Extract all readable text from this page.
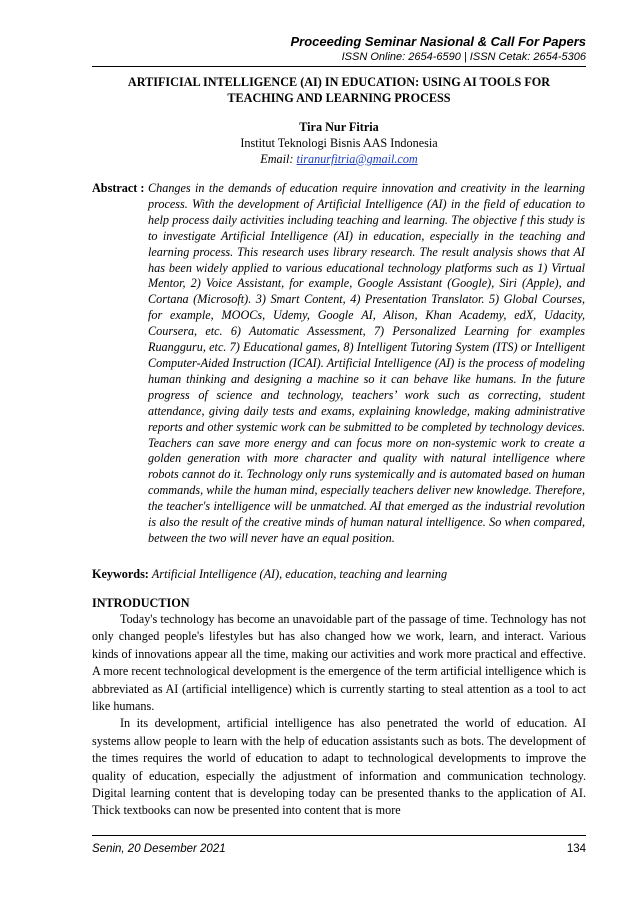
Proceeding Seminar Nasional & Call For Papers
ISSN Online: 2654-6590 | ISSN Cetak: 2654-5306
ARTIFICIAL INTELLIGENCE (AI) IN EDUCATION: USING AI TOOLS FOR
TEACHING AND LEARNING PROCESS
Tira Nur Fitria
Institut Teknologi Bisnis AAS Indonesia
Email: tiranurfitria@gmail.com
Abstract : Changes in the demands of education require innovation and creativity in the learning process. With the development of Artificial Intelligence (AI) in the field of education to help process daily activities including teaching and learning. The objective f this study is to investigate Artificial Intelligence (AI) in education, especially in the teaching and learning process. This research uses library research. The result analysis shows that AI has been widely applied to various educational technology platforms such as 1) Virtual Mentor, 2) Voice Assistant, for example, Google Assistant (Google), Siri (Apple), and Cortana (Microsoft). 3) Smart Content, 4) Presentation Translator. 5) Global Courses, for example, MOOCs, Udemy, Google AI, Alison, Khan Academy, edX, Udacity, Coursera, etc. 6) Automatic Assessment, 7) Personalized Learning for examples Ruangguru, etc. 7) Educational games, 8) Intelligent Tutoring System (ITS) or Intelligent Computer-Aided Instruction (ICAI). Artificial Intelligence (AI) is the process of modeling human thinking and designing a machine so it can behave like humans. In the future progress of science and technology, teachers’ work such as correcting, student attendance, giving daily tests and exams, explaining knowledge, making administrative reports and other systemic work can be submitted to be completed by technology devices. Teachers can save more energy and can focus more on non-systemic work to create a golden generation with more character and quality with natural intelligence where robots cannot do it. Technology only runs systemically and is automated based on human commands, while the human mind, especially teachers deliver new knowledge. Therefore, the teacher's intelligence will be unmatched. AI that emerged as the industrial revolution is also the result of the creative minds of human natural intelligence. So when compared, between the two will never have an equal position.
Keywords: Artificial Intelligence (AI), education, teaching and learning
INTRODUCTION

Today's technology has become an unavoidable part of the passage of time. Technology has not only changed people's lifestyles but has also changed how we work, learn, and interact. Various kinds of innovations appear all the time, making our activities and work more practical and effective. A more recent technological development is the emergence of the term artificial intelligence which is abbreviated as AI (artificial intelligence) which is currently starting to steal attention as a tool to act like humans.

In its development, artificial intelligence has also penetrated the world of education. AI systems allow people to learn with the help of education assistants such as bots. The development of the times requires the world of education to adapt to technological developments to improve the quality of education, especially the adjustment of information and communication technology. Digital learning content that is developing today can be presented thanks to the application of AI. Thick textbooks can now be presented into content that is more

Senin, 20 Desember 2021	134
